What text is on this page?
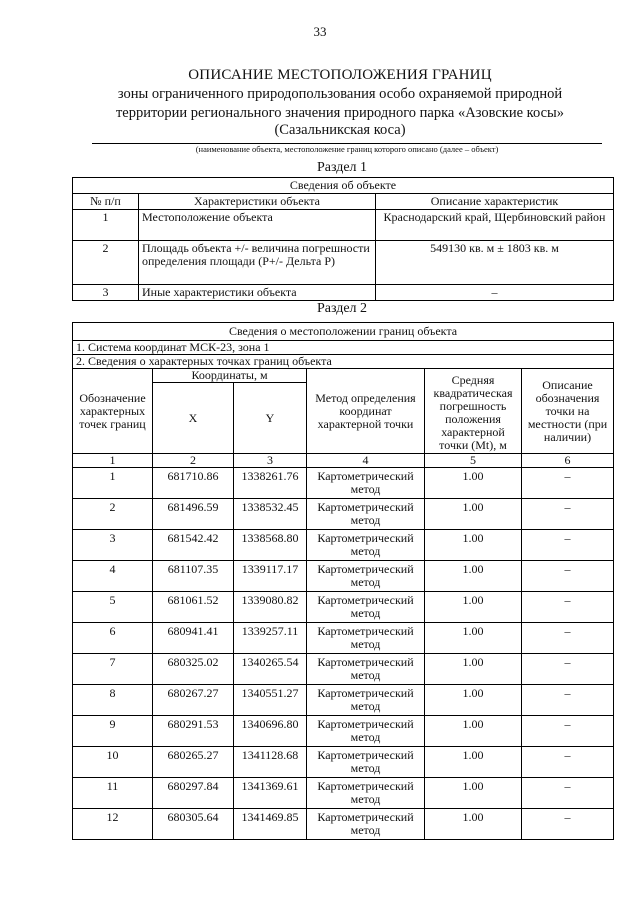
33
ОПИСАНИЕ МЕСТОПОЛОЖЕНИЯ ГРАНИЦ
зоны ограниченного природопользования особо охраняемой природной
территории регионального значения природного парка «Азовские косы»
(Сазальникская коса)
(наименование объекта, местоположение границ которого описано (далее – объект)
Раздел 1
Сведения об объекте		
№ п/п	Характеристики объекта	Описание характеристик
1	Местоположение объекта	Краснодарский край, Щербиновский район
2	Площадь объекта +/- величина погрешности определения площади (P+/- Дельта P)	549130 кв. м ± 1803 кв. м
3	Иные характеристики объекта	–
Раздел 2
Сведения о местоположении границ объекта					
1. Система координат МСК-23, зона 1					
2. Сведения о характерных точках границ объекта					
Обозначение характерных точек границ	Координаты, м		Метод определения координат характерной точки	Средняя квадратическая погрешность положения характерной точки (Mt), м	Описание обозначения точки на местности (при наличии)
	X	Y			
1	2	3	4	5	6
1	681710.86	1338261.76	Картометрический метод	1.00	–
2	681496.59	1338532.45	Картометрический метод	1.00	–
3	681542.42	1338568.80	Картометрический метод	1.00	–
4	681107.35	1339117.17	Картометрический метод	1.00	–
5	681061.52	1339080.82	Картометрический метод	1.00	–
6	680941.41	1339257.11	Картометрический метод	1.00	–
7	680325.02	1340265.54	Картометрический метод	1.00	–
8	680267.27	1340551.27	Картометрический метод	1.00	–
9	680291.53	1340696.80	Картометрический метод	1.00	–
10	680265.27	1341128.68	Картометрический метод	1.00	–
11	680297.84	1341369.61	Картометрический метод	1.00	–
12	680305.64	1341469.85	Картометрический метод	1.00	–
